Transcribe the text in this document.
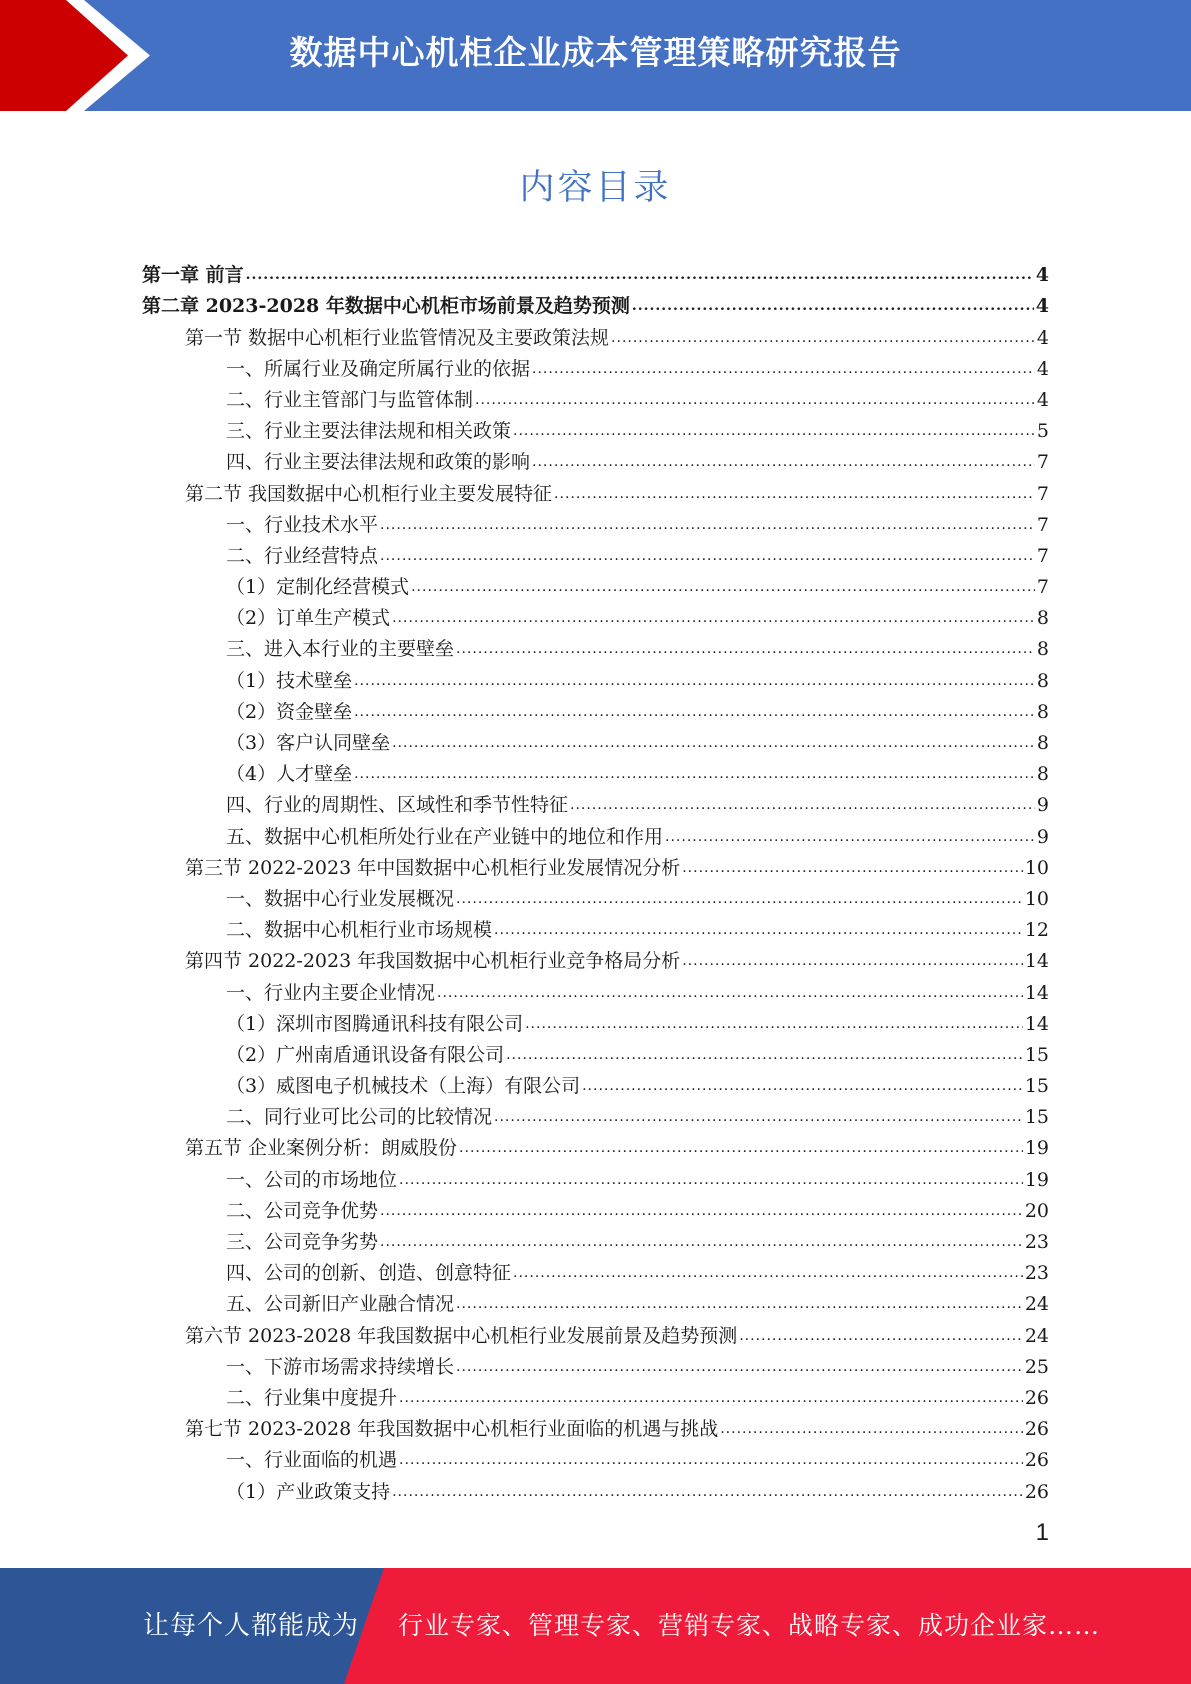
数据中心机柜企业成本管理策略研究报告
内容目录
第一章 前言 .....	4
第二章 2023-2028 年数据中心机柜市场前景及趋势预测 .....	4
第一节 数据中心机柜行业监管情况及主要政策法规 .....	4
一、所属行业及确定所属行业的依据 .....	4
二、行业主管部门与监管体制 .....	4
三、行业主要法律法规和相关政策 .....	5
四、行业主要法律法规和政策的影响 .....	7
第二节 我国数据中心机柜行业主要发展特征 .....	7
一、行业技术水平 .....	7
二、行业经营特点 .....	7
（1）定制化经营模式 .....	7
（2）订单生产模式 .....	8
三、进入本行业的主要壁垒 .....	8
（1）技术壁垒 .....	8
（2）资金壁垒 .....	8
（3）客户认同壁垒 .....	8
（4）人才壁垒 .....	8
四、行业的周期性、区域性和季节性特征 .....	9
五、数据中心机柜所处行业在产业链中的地位和作用 .....	9
第三节 2022-2023 年中国数据中心机柜行业发展情况分析 .....	10
一、数据中心行业发展概况 .....	10
二、数据中心机柜行业市场规模 .....	12
第四节 2022-2023 年我国数据中心机柜行业竞争格局分析 .....	14
一、行业内主要企业情况 .....	14
（1）深圳市图腾通讯科技有限公司 .....	14
（2）广州南盾通讯设备有限公司 .....	15
（3）威图电子机械技术（上海）有限公司 .....	15
二、同行业可比公司的比较情况 .....	15
第五节 企业案例分析：朗威股份 .....	19
一、公司的市场地位 .....	19
二、公司竞争优势 .....	20
三、公司竞争劣势 .....	23
四、公司的创新、创造、创意特征 .....	23
五、公司新旧产业融合情况 .....	24
第六节 2023-2028 年我国数据中心机柜行业发展前景及趋势预测 .....	24
一、下游市场需求持续增长 .....	25
二、行业集中度提升 .....	26
第七节 2023-2028 年我国数据中心机柜行业面临的机遇与挑战 .....	26
一、行业面临的机遇 .....	26
（1）产业政策支持 .....	26
1
让每个人都能成为 行业专家、管理专家、营销专家、战略专家、成功企业家……
